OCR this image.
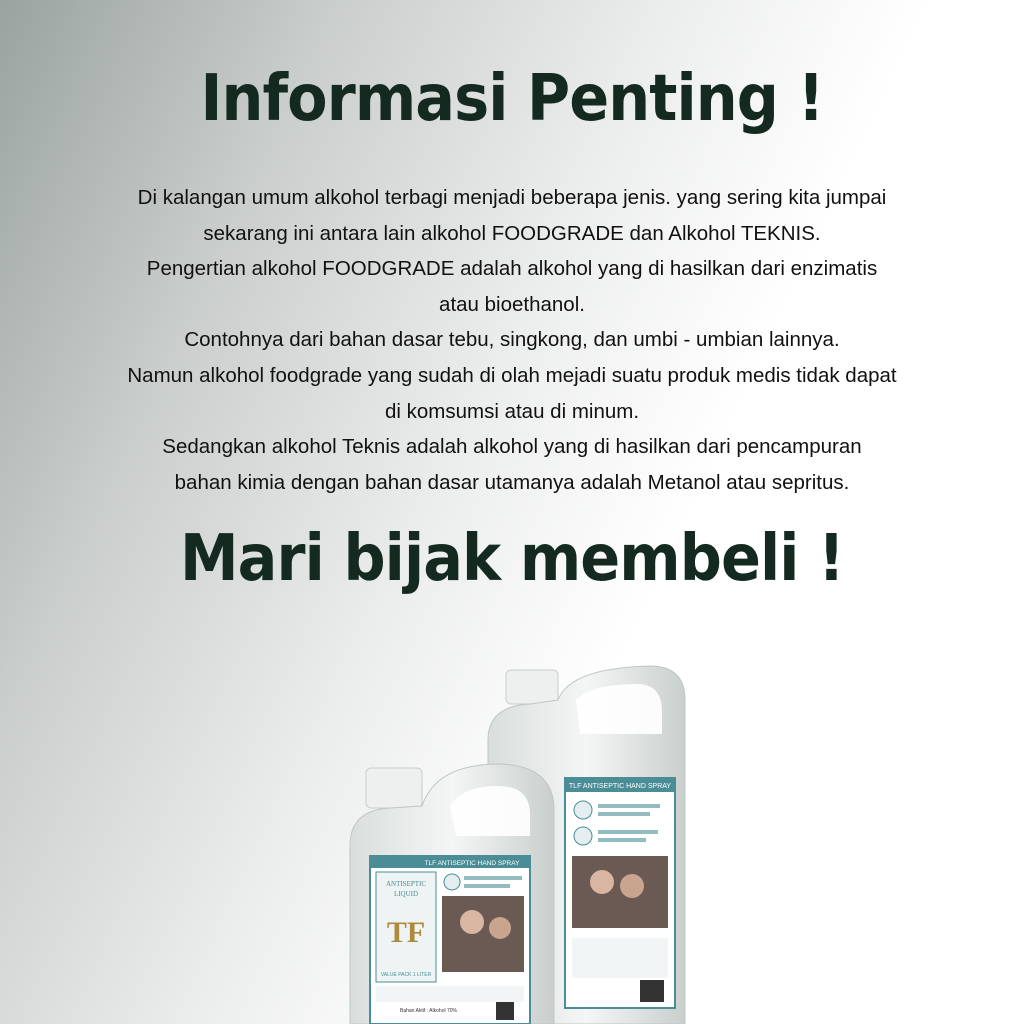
Informasi Penting !
Di kalangan umum alkohol terbagi menjadi beberapa jenis. yang sering kita jumpai
sekarang ini antara lain alkohol FOODGRADE dan Alkohol TEKNIS.
Pengertian alkohol FOODGRADE adalah alkohol yang di hasilkan dari enzimatis
atau bioethanol.
Contohnya dari bahan dasar tebu, singkong, dan umbi - umbian lainnya.
Namun alkohol foodgrade yang sudah di olah mejadi suatu produk medis tidak dapat
di komsumsi atau di minum.
Sedangkan alkohol Teknis adalah alkohol yang di hasilkan dari pencampuran
bahan kimia dengan bahan dasar utamanya adalah Metanol atau sepritus.
Mari bijak membeli !
TLF ANTISEPTIC HAND SPRAY
TLF ANTISEPTIC HAND SPRAY
ANTISEPTIC
LIQUID
TF
VALUE PACK 1 LITER
Bahan Aktif : Alkohol 70%
